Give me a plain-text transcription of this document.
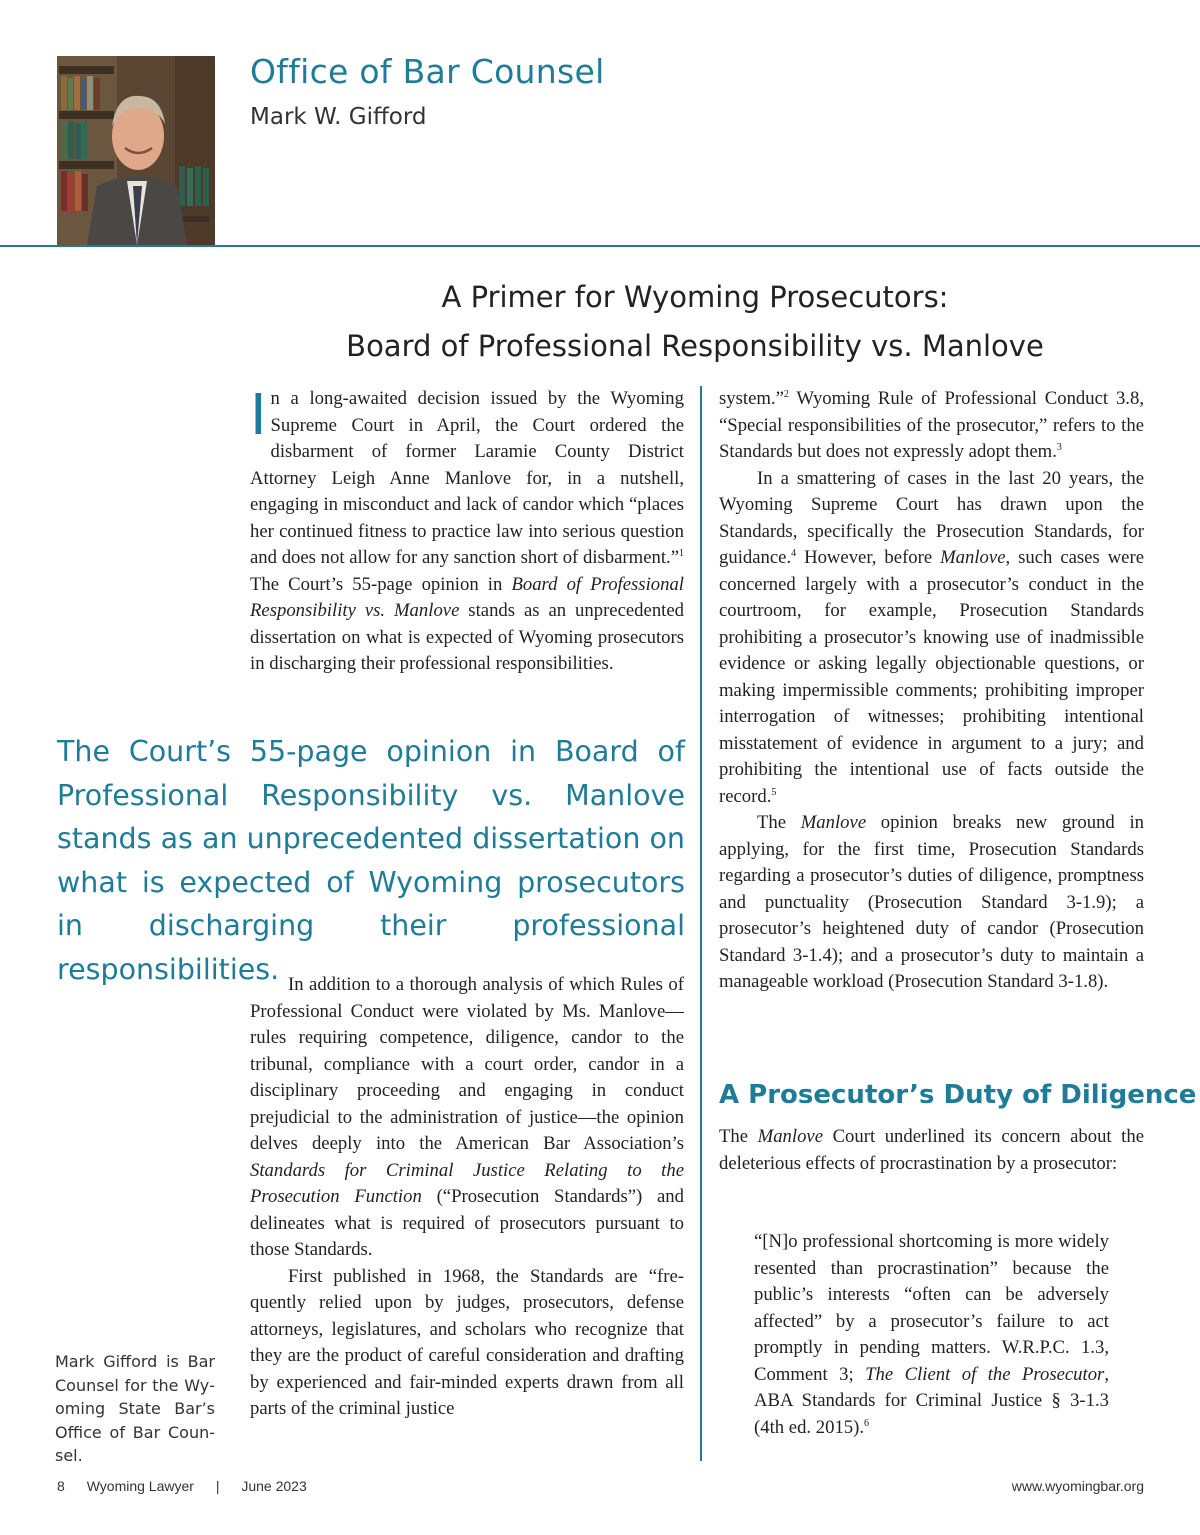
Office of Bar Counsel
Mark W. Gifford
A Primer for Wyoming Prosecutors:
Board of Professional Responsibility vs. Manlove

In a long-awaited decision issued by the Wyoming Supreme Court in April, the Court ordered the disbarment of former Laramie County District Attorney Leigh Anne Manlove for, in a nutshell, engaging in misconduct and lack of candor which “places her continued fitness to practice law into serious question and does not allow for any sanction short of disbarment.”$^1$ The Court’s 55-page opinion in Board of Professional Responsibility vs. Manlove stands as an unprecedented dissertation on what is expected of Wyoming prosecutors in discharging their professional responsibilities.

The Court’s 55-page opinion in Board of Professional Responsibility vs. Manlove stands as an unprecedented dissertation on what is expected of Wyoming prosecutors in discharging their professional responsibilities. In addition to a thorough analysis of which Rules of Professional Conduct were violated by Ms. Manlove—rules requiring competence, diligence, candor to the tribunal, compliance with a court order, candor in a disciplinary proceeding and engaging in conduct prejudicial to the administration of justice—the opinion delves deeply into the American Bar Association’s Standards for Criminal Justice Relating to the Prosecution Function (“Prosecution Standards”) and delineates what is required of prosecutors pursuant to those Standards.

First published in 1968, the Standards are “frequently relied upon by judges, prosecutors, defense attorneys, legislatures, and scholars who recognize that they are the product of careful consideration and drafting by experienced and fair-minded experts drawn from all parts of the criminal justice

system.”$^2$ Wyoming Rule of Professional Conduct 3.8, “Special responsibilities of the prosecutor,” refers to the Standards but does not expressly adopt them.$^3$

In a smattering of cases in the last 20 years, the Wyoming Supreme Court has drawn upon the Standards, specifically the Prosecution Standards, for guidance.$^4$ However, before Manlove, such cases were concerned largely with a prosecutor’s conduct in the courtroom, for example, Prosecution Standards prohibiting a prosecutor’s knowing use of inadmissible evidence or asking legally objectionable questions, or making impermissible comments; prohibiting improper interrogation of witnesses; prohibiting intentional misstatement of evidence in argument to a jury; and prohibiting the intentional use of facts outside the record.$^5$

The Manlove opinion breaks new ground in applying, for the first time, Prosecution Standards regarding a prosecutor’s duties of diligence, promptness and punctuality (Prosecution Standard 3-1.9); a prosecutor’s heightened duty of candor (Prosecution Standard 3-1.4); and a prosecutor’s duty to maintain a manageable workload (Prosecution Standard 3-1.8).

A Prosecutor’s Duty of Diligence

The Manlove Court underlined its concern about the deleterious effects of procrastination by a prosecutor:

“[N]o professional shortcoming is more widely resented than procrastination” because the public’s interests “often can be adversely affected” by a prosecutor’s failure to act promptly in pending matters. W.R.P.C. 1.3, Comment 3; The Client of the Prosecutor, ABA Standards for Criminal Justice § 3-1.3 (4th ed. 2015).$^6$
Mark Gifford is Bar Counsel for the Wyoming State Bar’s Office of Bar Counsel.
8 Wyoming Lawyer | June 2023	www.wyomingbar.org
